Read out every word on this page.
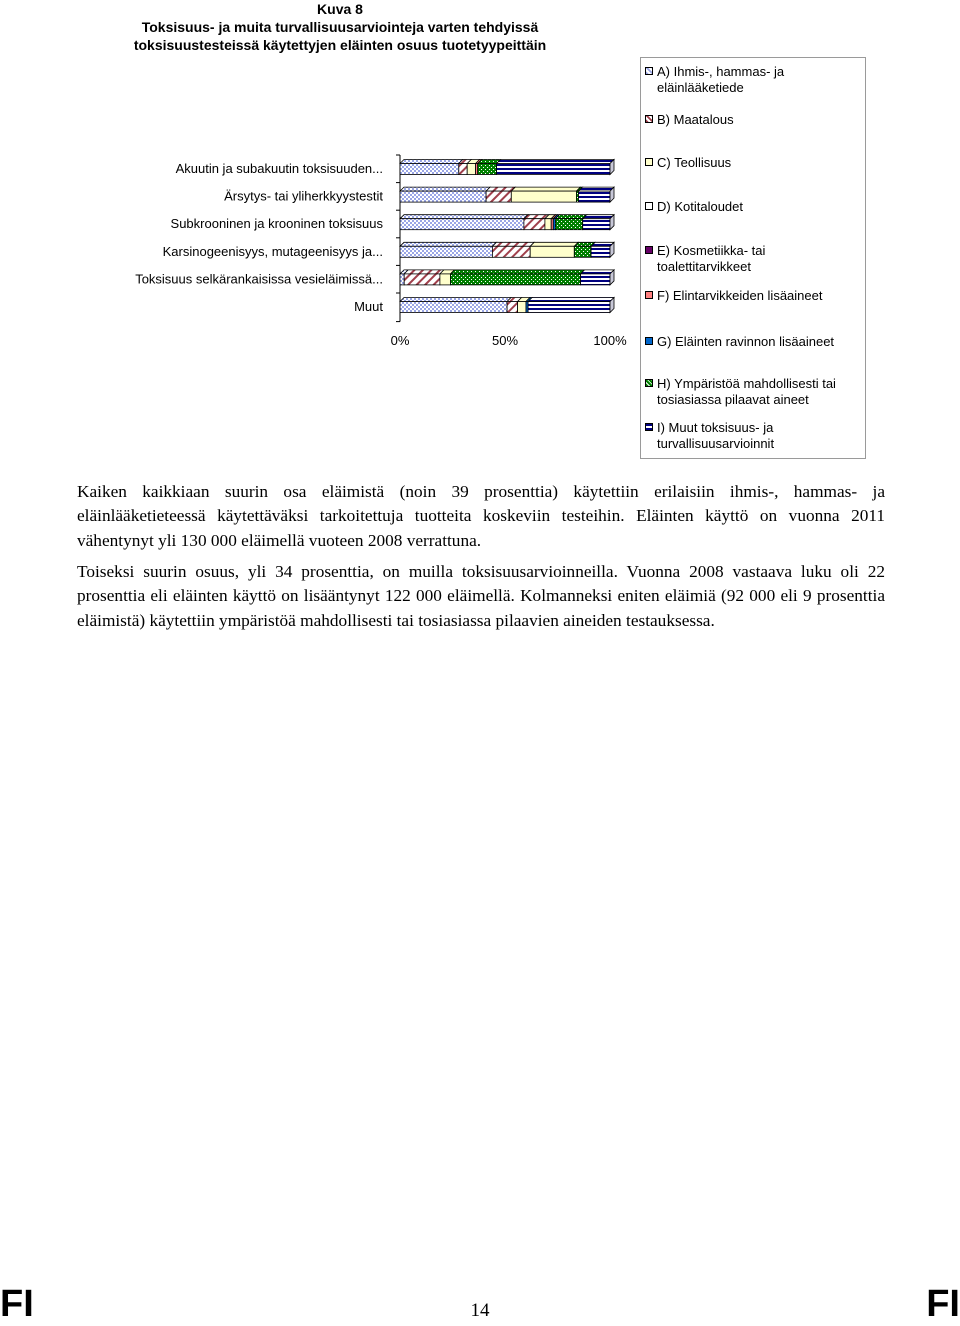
Kuva 8
Toksisuus- ja muita turvallisuusarviointeja varten tehdyissä
toksisuustesteissä käytettyjen eläinten osuus tuotetyypeittäin
0%	50%	100%
Akuutin ja subakuutin toksisuuden...
Ärsytys- tai yliherkkyystestit
Subkrooninen ja krooninen toksisuus
Karsinogeenisyys, mutageenisyys ja...
Toksisuus selkärankaisissa vesieläimissä...
Muut
A) Ihmis-, hammas- ja eläinlääketiede
B) Maatalous
C) Teollisuus
D) Kotitaloudet
E) Kosmetiikka- tai toalettitarvikkeet
F) Elintarvikkeiden lisäaineet
G) Eläinten ravinnon lisäaineet
H) Ympäristöä mahdollisesti tai tosiasiassa pilaavat aineet
I) Muut toksisuus- ja turvallisuusarvioinnit

Kaiken kaikkiaan suurin osa eläimistä (noin 39 prosenttia) käytettiin erilaisiin ihmis-, hammas- ja eläinlääketieteessä käytettäväksi tarkoitettuja tuotteita koskeviin testeihin. Eläinten käyttö on vuonna 2011 vähentynyt yli 130 000 eläimellä vuoteen 2008 verrattuna.

Toiseksi suurin osuus, yli 34 prosenttia, on muilla toksisuusarvioinneilla. Vuonna 2008 vastaava luku oli 22 prosenttia eli eläinten käyttö on lisääntynyt 122 000 eläimellä. Kolmanneksi eniten eläimiä (92 000 eli 9 prosenttia eläimistä) käytettiin ympäristöä mahdollisesti tai tosiasiassa pilaavien aineiden testauksessa.

FI	14	FI
